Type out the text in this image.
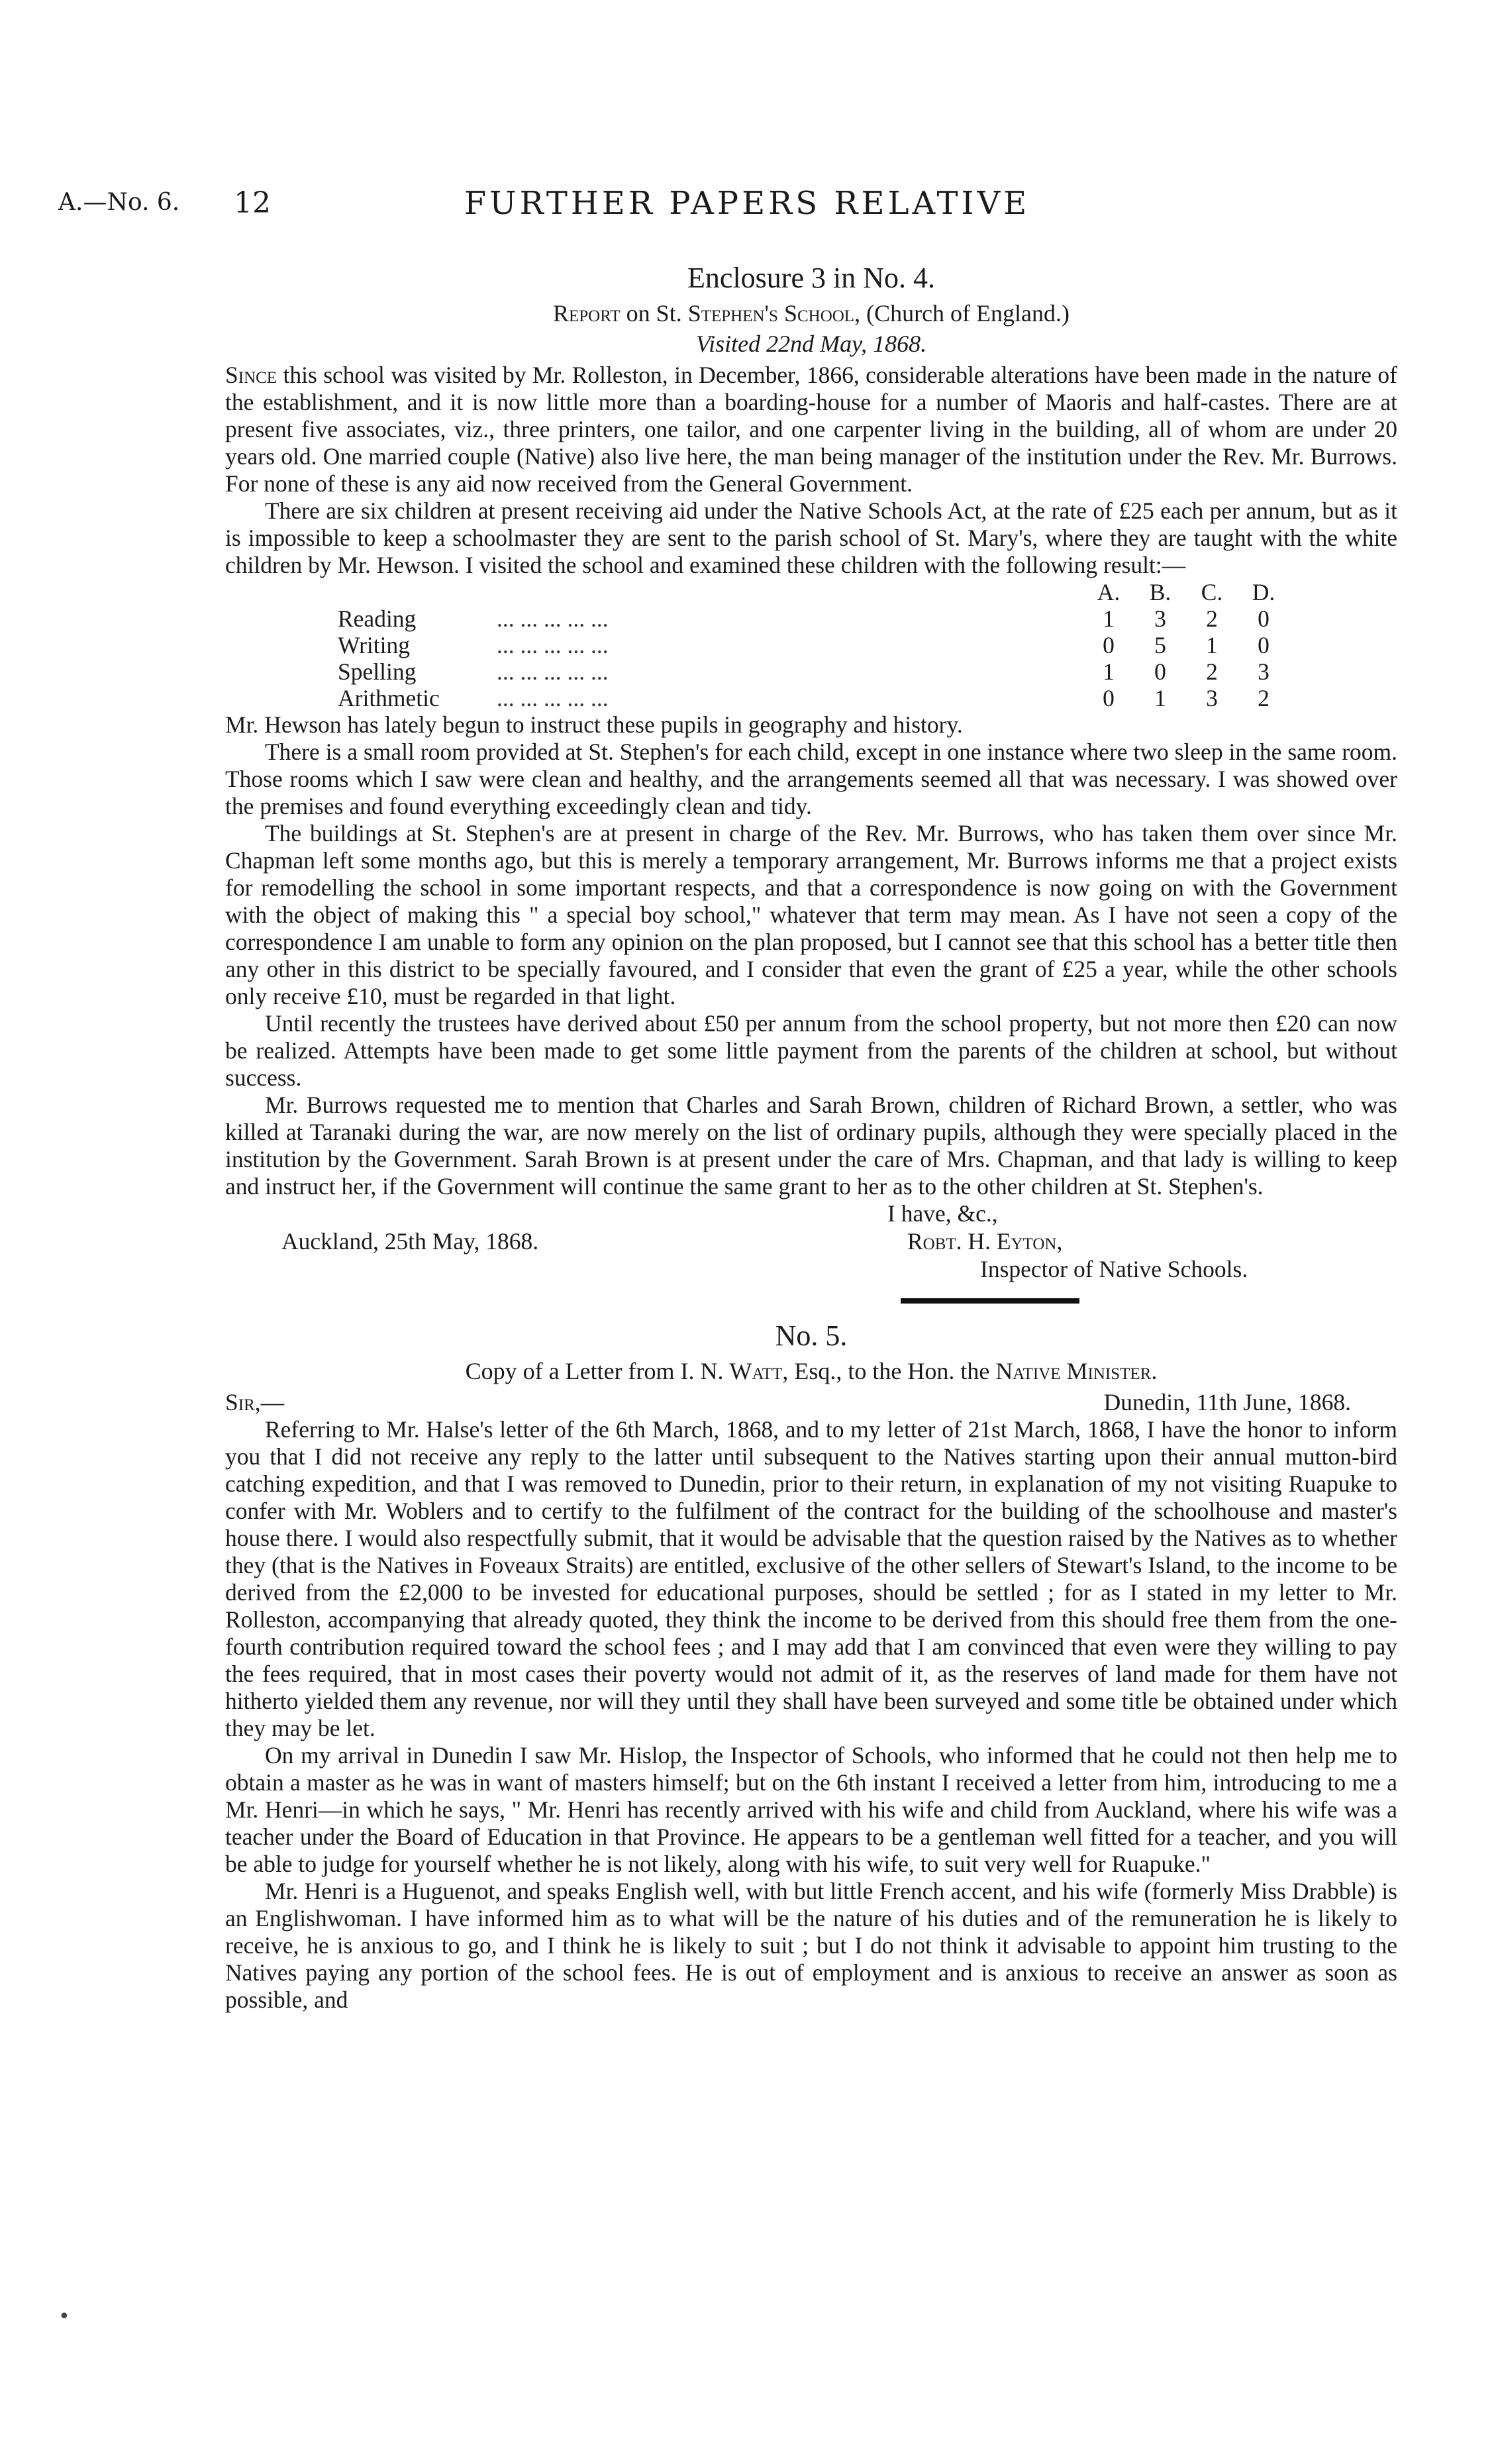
A.—No. 6. 12	FURTHER PAPERS RELATIVE
Enclosure 3 in No. 4.
Report on St. Stephen's School, (Church of England.)
Visited 22nd May, 1868.

Since this school was visited by Mr. Rolleston, in December, 1866, considerable alterations have been made in the nature of the establishment, and it is now little more than a boarding-house for a number of Maoris and half-castes. There are at present five associates, viz., three printers, one tailor, and one carpenter living in the building, all of whom are under 20 years old. One married couple (Native) also live here, the man being manager of the institution under the Rev. Mr. Burrows. For none of these is any aid now received from the General Government.

There are six children at present receiving aid under the Native Schools Act, at the rate of £25 each per annum, but as it is impossible to keep a schoolmaster they are sent to the parish school of St. Mary's, where they are taught with the white children by Mr. Hewson. I visited the school and examined these children with the following result:—

		A.	B.	C.	D.
Reading	... ... ... ... ...	1	3	2	0
Writing	... ... ... ... ...	0	5	1	0
Spelling	... ... ... ... ...	1	0	2	3
Arithmetic	... ... ... ... ...	0	1	3	2

Mr. Hewson has lately begun to instruct these pupils in geography and history.

There is a small room provided at St. Stephen's for each child, except in one instance where two sleep in the same room. Those rooms which I saw were clean and healthy, and the arrangements seemed all that was necessary. I was showed over the premises and found everything exceedingly clean and tidy.

The buildings at St. Stephen's are at present in charge of the Rev. Mr. Burrows, who has taken them over since Mr. Chapman left some months ago, but this is merely a temporary arrangement, Mr. Burrows informs me that a project exists for remodelling the school in some important respects, and that a correspondence is now going on with the Government with the object of making this " a special boy school," whatever that term may mean. As I have not seen a copy of the correspondence I am unable to form any opinion on the plan proposed, but I cannot see that this school has a better title then any other in this district to be specially favoured, and I consider that even the grant of £25 a year, while the other schools only receive £10, must be regarded in that light.

Until recently the trustees have derived about £50 per annum from the school property, but not more then £20 can now be realized. Attempts have been made to get some little payment from the parents of the children at school, but without success.

Mr. Burrows requested me to mention that Charles and Sarah Brown, children of Richard Brown, a settler, who was killed at Taranaki during the war, are now merely on the list of ordinary pupils, although they were specially placed in the institution by the Government. Sarah Brown is at present under the care of Mrs. Chapman, and that lady is willing to keep and instruct her, if the Government will continue the same grant to her as to the other children at St. Stephen's.

I have, &c.,
Auckland, 25th May, 1868.	Robt. H. Eyton,
Inspector of Native Schools.
No. 5.
Copy of a Letter from I. N. Watt, Esq., to the Hon. the Native Minister.
Sir,—	Dunedin, 11th June, 1868.

Referring to Mr. Halse's letter of the 6th March, 1868, and to my letter of 21st March, 1868, I have the honor to inform you that I did not receive any reply to the latter until subsequent to the Natives starting upon their annual mutton-bird catching expedition, and that I was removed to Dunedin, prior to their return, in explanation of my not visiting Ruapuke to confer with Mr. Woblers and to certify to the fulfilment of the contract for the building of the schoolhouse and master's house there. I would also respectfully submit, that it would be advisable that the question raised by the Natives as to whether they (that is the Natives in Foveaux Straits) are entitled, exclusive of the other sellers of Stewart's Island, to the income to be derived from the £2,000 to be invested for educational purposes, should be settled ; for as I stated in my letter to Mr. Rolleston, accompanying that already quoted, they think the income to be derived from this should free them from the one-fourth contribution required toward the school fees ; and I may add that I am convinced that even were they willing to pay the fees required, that in most cases their poverty would not admit of it, as the reserves of land made for them have not hitherto yielded them any revenue, nor will they until they shall have been surveyed and some title be obtained under which they may be let.

On my arrival in Dunedin I saw Mr. Hislop, the Inspector of Schools, who informed that he could not then help me to obtain a master as he was in want of masters himself; but on the 6th instant I received a letter from him, introducing to me a Mr. Henri—in which he says, " Mr. Henri has recently arrived with his wife and child from Auckland, where his wife was a teacher under the Board of Education in that Province. He appears to be a gentleman well fitted for a teacher, and you will be able to judge for yourself whether he is not likely, along with his wife, to suit very well for Ruapuke."

Mr. Henri is a Huguenot, and speaks English well, with but little French accent, and his wife (formerly Miss Drabble) is an Englishwoman. I have informed him as to what will be the nature of his duties and of the remuneration he is likely to receive, he is anxious to go, and I think he is likely to suit ; but I do not think it advisable to appoint him trusting to the Natives paying any portion of the school fees. He is out of employment and is anxious to receive an answer as soon as possible, and

•
